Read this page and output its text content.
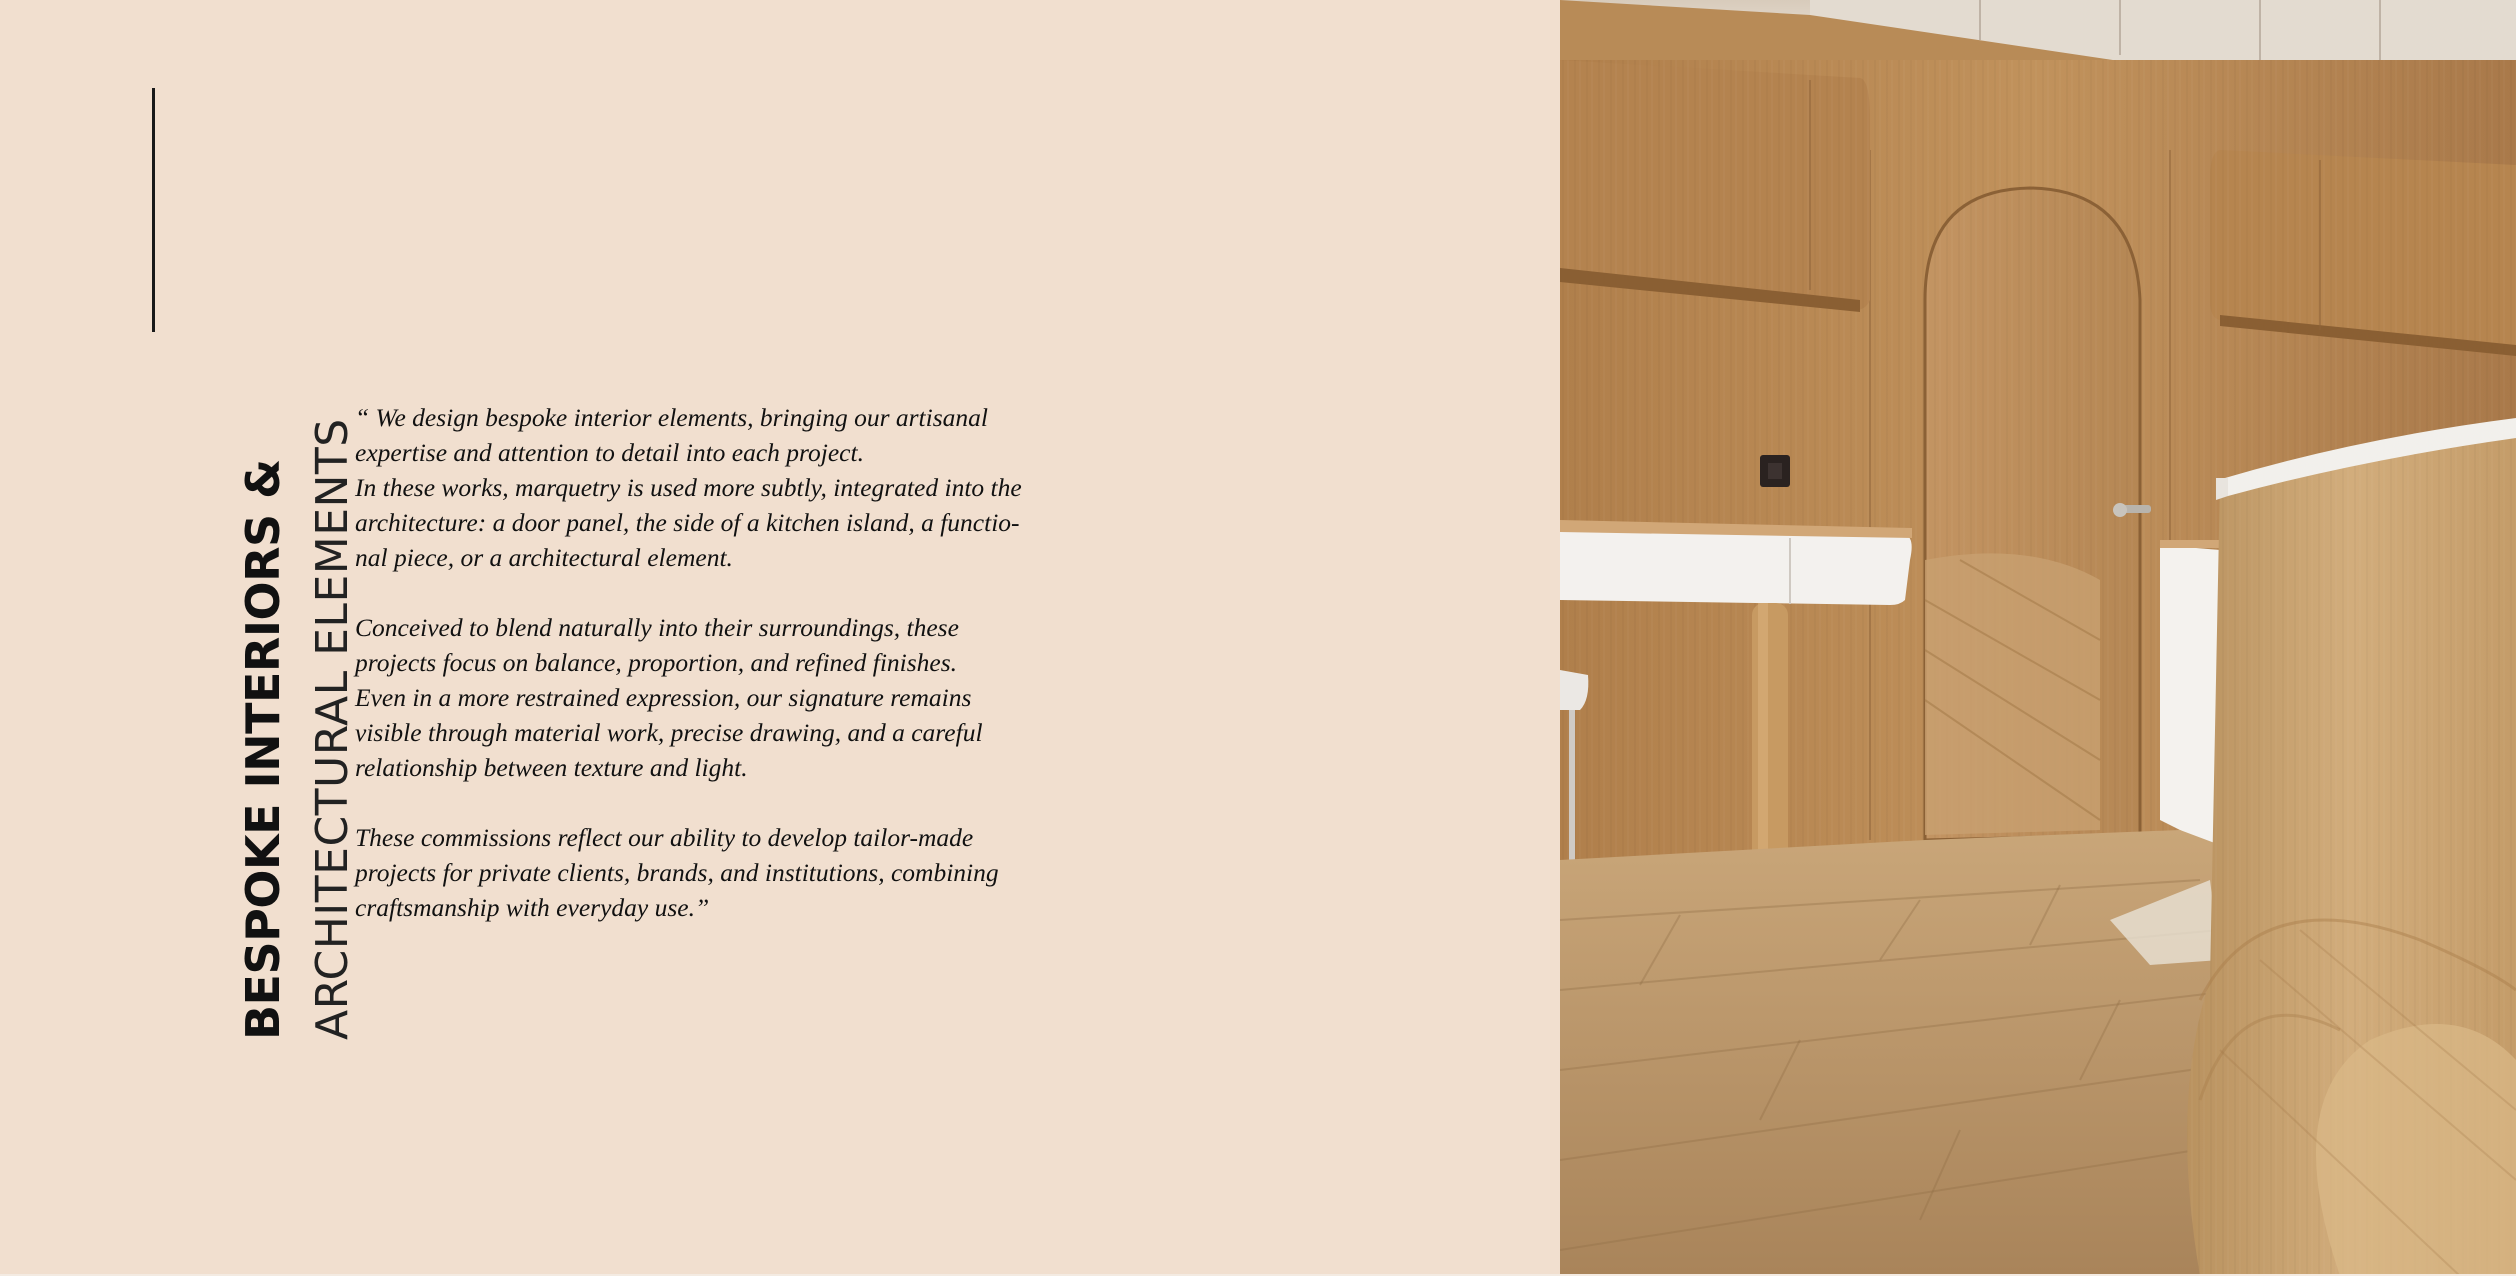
BESPOKE INTERIORS & ARCHITECTURAL ELEMENTS

“ We design bespoke interior elements, bringing our artisanal
expertise and attention to detail into each project.
In these works, marquetry is used more subtly, integrated into the
architecture: a door panel, the side of a kitchen island, a functio-
nal piece, or a architectural element.

Conceived to blend naturally into their surroundings, these
projects focus on balance, proportion, and refined finishes.
Even in a more restrained expression, our signature remains
visible through material work, precise drawing, and a careful
relationship between texture and light.

These commissions reflect our ability to develop tailor-made
projects for private clients, brands, and institutions, combining
craftsmanship with everyday use.”
